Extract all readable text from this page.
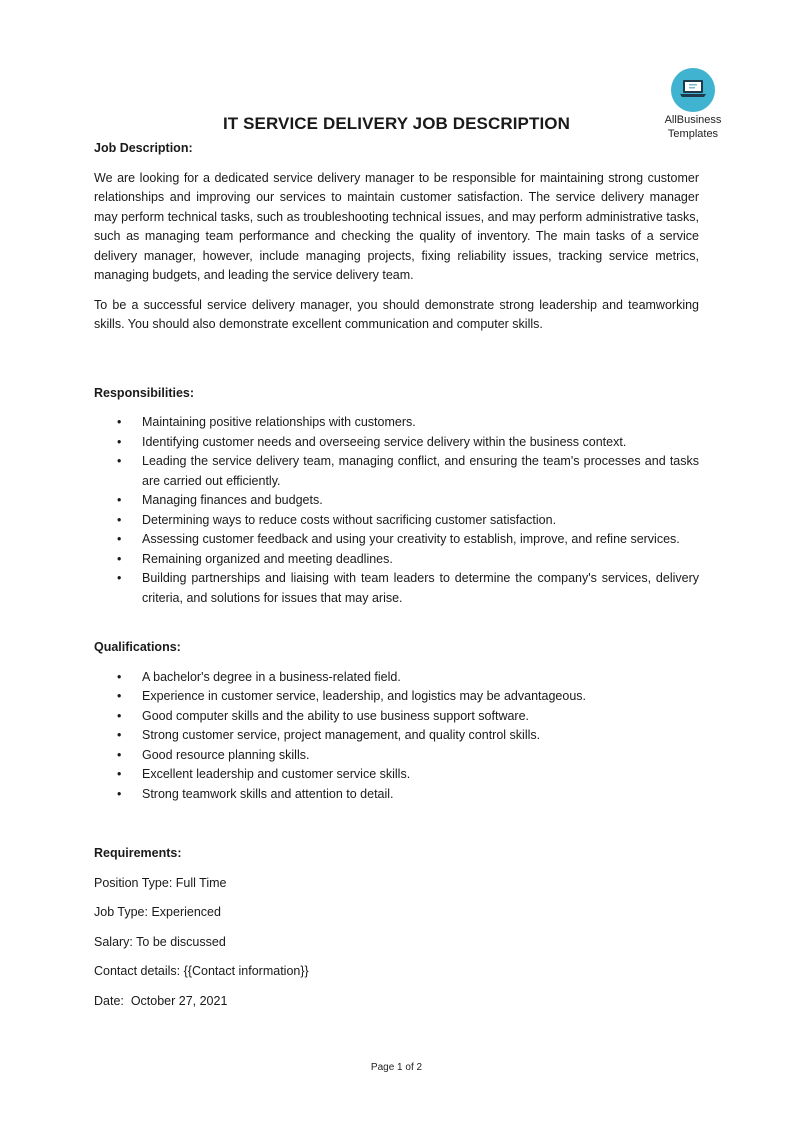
AllBusiness
Templates
IT SERVICE DELIVERY JOB DESCRIPTION

Job Description:

We are looking for a dedicated service delivery manager to be responsible for maintaining strong customer relationships and improving our services to maintain customer satisfaction. The service delivery manager may perform technical tasks, such as troubleshooting technical issues, and may perform administrative tasks, such as managing team performance and checking the quality of inventory. The main tasks of a service delivery manager, however, include managing projects, fixing reliability issues, tracking service metrics, managing budgets, and leading the service delivery team.

To be a successful service delivery manager, you should demonstrate strong leadership and teamworking skills. You should also demonstrate excellent communication and computer skills.

Responsibilities:

• Maintaining positive relationships with customers.
• Identifying customer needs and overseeing service delivery within the business context.
• Leading the service delivery team, managing conflict, and ensuring the team's processes and tasks are carried out efficiently.
• Managing finances and budgets.
• Determining ways to reduce costs without sacrificing customer satisfaction.
• Assessing customer feedback and using your creativity to establish, improve, and refine services.
• Remaining organized and meeting deadlines.
• Building partnerships and liaising with team leaders to determine the company's services, delivery criteria, and solutions for issues that may arise.

Qualifications:

• A bachelor's degree in a business-related field.
• Experience in customer service, leadership, and logistics may be advantageous.
• Good computer skills and the ability to use business support software.
• Strong customer service, project management, and quality control skills.
• Good resource planning skills.
• Excellent leadership and customer service skills.
• Strong teamwork skills and attention to detail.

Requirements:

Position Type: Full Time

Job Type: Experienced

Salary: To be discussed

Contact details: {{Contact information}}

Date:  October 27, 2021

Page 1 of 2
